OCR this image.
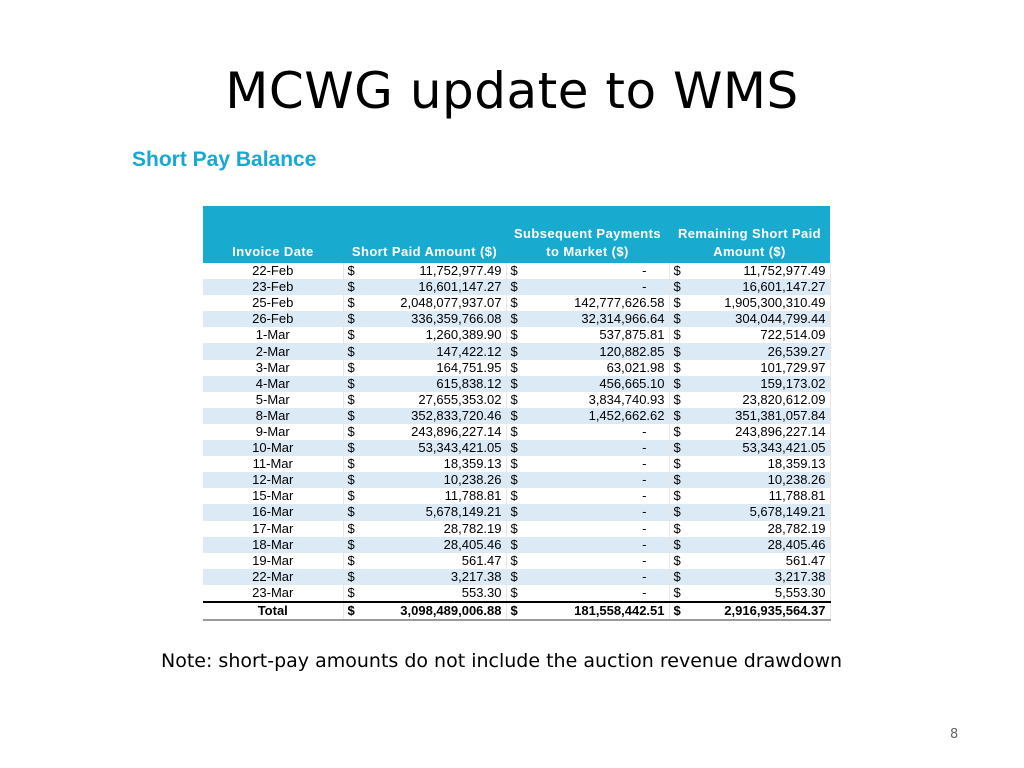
MCWG update to WMS
Short Pay Balance
Invoice Date	Short Paid Amount ($)	Subsequent Payments to Market ($)	Remaining Short Paid Amount ($)
22-Feb	$ 11,752,977.49	$ -	$ 11,752,977.49

23-Feb	$ 16,601,147.27	$ -	$ 16,601,147.27

25-Feb	$ 2,048,077,937.07	$ 142,777,626.58	$ 1,905,300,310.49

26-Feb	$ 336,359,766.08	$ 32,314,966.64	$ 304,044,799.44

1-Mar	$ 1,260,389.90	$ 537,875.81	$ 722,514.09

2-Mar	$ 147,422.12	$ 120,882.85	$ 26,539.27

3-Mar	$ 164,751.95	$ 63,021.98	$ 101,729.97

4-Mar	$ 615,838.12	$ 456,665.10	$ 159,173.02

5-Mar	$ 27,655,353.02	$ 3,834,740.93	$ 23,820,612.09

8-Mar	$ 352,833,720.46	$ 1,452,662.62	$ 351,381,057.84

9-Mar	$ 243,896,227.14	$ -	$ 243,896,227.14

10-Mar	$ 53,343,421.05	$ -	$ 53,343,421.05

11-Mar	$ 18,359.13	$ -	$ 18,359.13

12-Mar	$ 10,238.26	$ -	$ 10,238.26

15-Mar	$ 11,788.81	$ -	$ 11,788.81

16-Mar	$ 5,678,149.21	$ -	$ 5,678,149.21

17-Mar	$ 28,782.19	$ -	$ 28,782.19

18-Mar	$ 28,405.46	$ -	$ 28,405.46

19-Mar	$ 561.47	$ -	$ 561.47

22-Mar	$ 3,217.38	$ -	$ 3,217.38

23-Mar	$ 553.30	$ -	$ 5,553.30

Total	$ 3,098,489,006.88	$ 181,558,442.51	$ 2,916,935,564.37
Note: short-pay amounts do not include the auction revenue drawdown
8
